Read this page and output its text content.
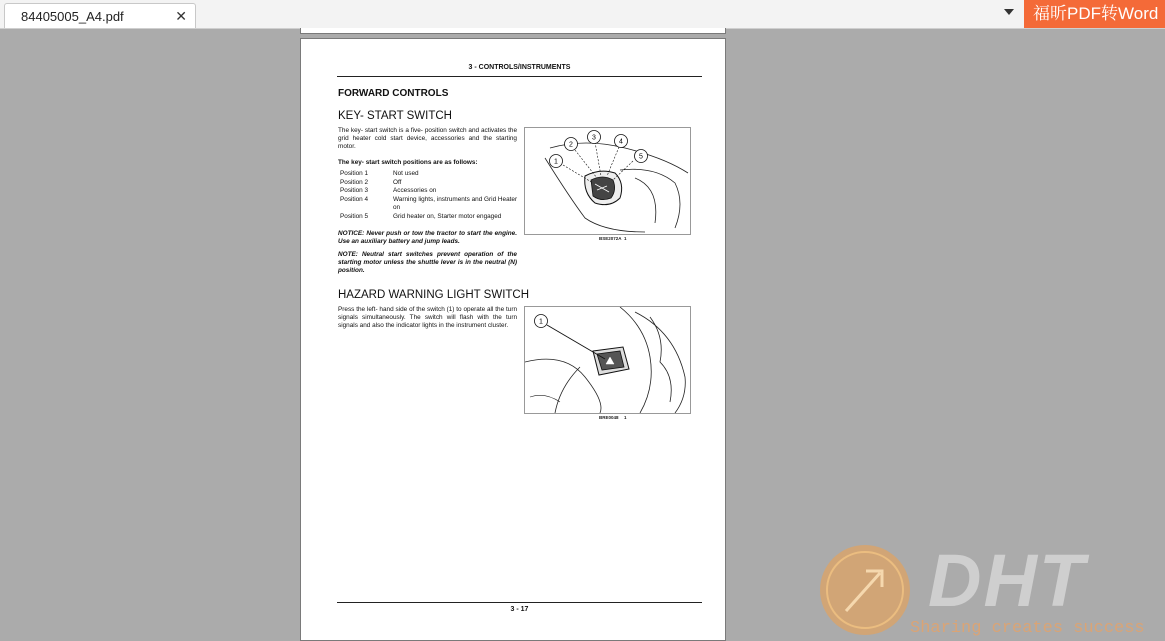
84405005_A4.pdf	✕	福昕PDF转Word
3 - CONTROLS/INSTRUMENTS
FORWARD CONTROLS
KEY- START SWITCH
The key- start switch is a five- position switch and activates the grid heater cold start device, accessories and the starting motor.
The key- start switch positions are as follows:
Position 1	Not used
Position 2	Off
Position 3	Accessories on
Position 4	Warning lights, instruments and Grid Heater on
Position 5	Grid heater on, Starter motor engaged
NOTICE: Never push or tow the tractor to start the engine. Use an auxiliary battery and jump leads.
NOTE: Neutral start switches prevent operation of the starting motor unless the shuttle lever is in the neutral (N) position.
1
2
3
4
5
BSE2072A 1
HAZARD WARNING LIGHT SWITCH
Press the left- hand side of the switch (1) to operate all the turn signals simultaneously. The switch will flash with the turn signals and also the indicator lights in the instrument cluster.
1
BRE0048 1
3 - 17	DHT
Sharing creates success
